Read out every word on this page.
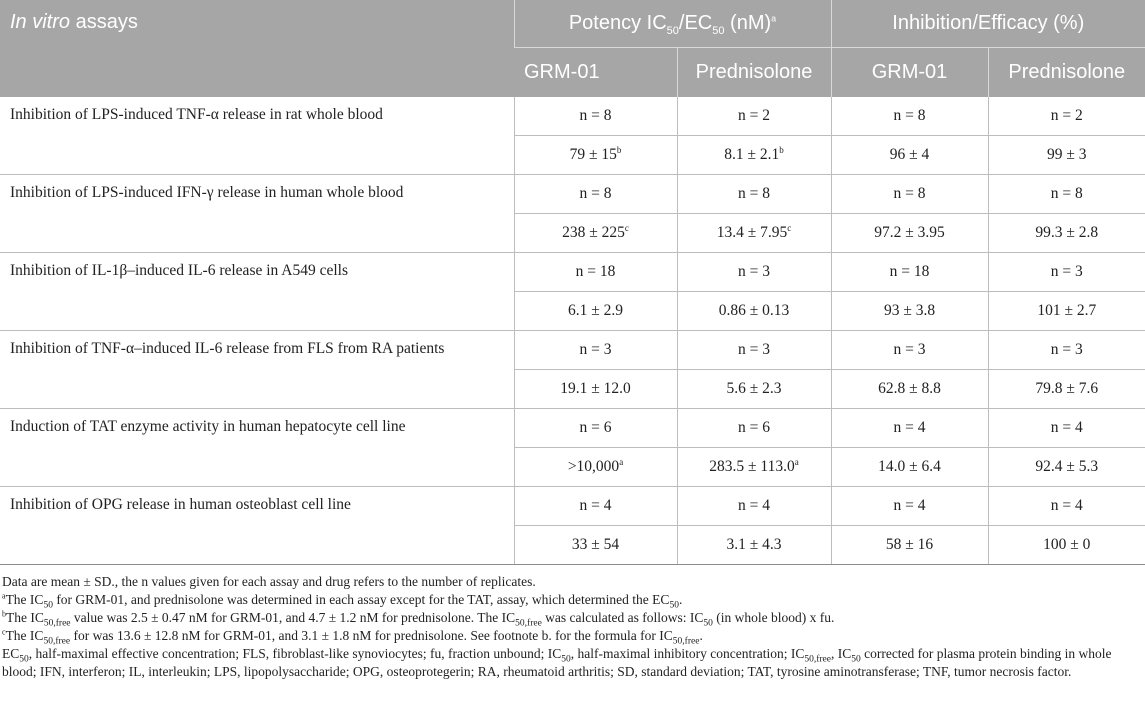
In vitro assays	Potency $IC_{50}/EC_{50}$ (nM)$^a$		Inhibition/Efficacy (%)	
	GRM-01	Prednisolone	GRM-01	Prednisolone
Inhibition of LPS-induced TNF-α release in rat whole blood	n = 8	n = 2	n = 8	n = 2
	$79 \pm 15^b$	8.1 ± 2.1$^b$	96 ± 4	99 ± 3
Inhibition of LPS-induced IFN-γ release in human whole blood	n = 8	n = 8	n = 8	n = 8
	$238 \pm 225^c$	13.4 ± 7.95$^c$	97.2 ± 3.95	99.3 ± 2.8
Inhibition of IL-1β–induced IL-6 release in A549 cells	n = 18	n = 3	n = 18	n = 3
	6.1 ± 2.9	0.86 ± 0.13	93 ± 3.8	101 ± 2.7
Inhibition of TNF-α–induced IL-6 release from FLS from RA patients	n = 3	n = 3	n = 3	n = 3
	19.1 ± 12.0	5.6 ± 2.3	62.8 ± 8.8	79.8 ± 7.6
Induction of TAT enzyme activity in human hepatocyte cell line	n = 6	n = 6	n = 4	n = 4
	>10,000$^a$	283.5 ± 113.0$^a$	14.0 ± 6.4	92.4 ± 5.3
Inhibition of OPG release in human osteoblast cell line	n = 4	n = 4	n = 4	n = 4
	33 ± 54	3.1 ± 4.3	58 ± 16	100 ± 0
Data are mean ± SD., the n values given for each assay and drug refers to the number of replicates.
$^a$The $IC_{50}$ for GRM-01, and prednisolone was determined in each assay except for the TAT, assay, which determined the $EC_{50}$.
$^b$The $IC_{50,free}$ value was 2.5 ± 0.47 nM for GRM-01, and 4.7 ± 1.2 nM for prednisolone. The $IC_{50,free}$ was calculated as follows: $IC_{50}$ (in whole blood) x fu.
$^c$The $IC_{50,free}$ for was 13.6 ± 12.8 nM for GRM-01, and 3.1 ± 1.8 nM for prednisolone. See footnote b. for the formula for $IC_{50,free}$.
$EC_{50}$, half-maximal effective concentration; FLS, fibroblast-like synoviocytes; fu, fraction unbound; $IC_{50}$, half-maximal inhibitory concentration; $IC_{50,free}$, $IC_{50}$ corrected for plasma protein binding in whole blood; IFN, interferon; IL, interleukin; LPS, lipopolysaccharide; OPG, osteoprotegerin; RA, rheumatoid arthritis; SD, standard deviation; TAT, tyrosine aminotransferase; TNF, tumor necrosis factor.
